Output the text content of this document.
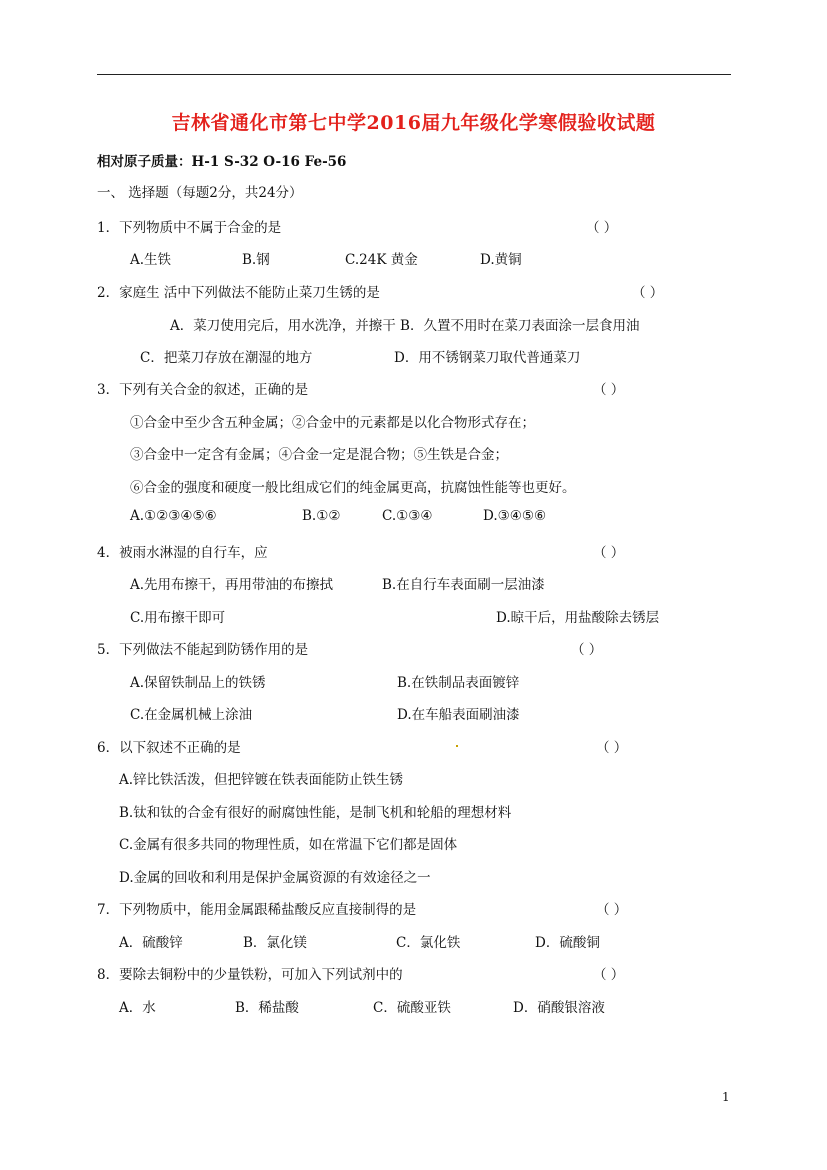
吉林省通化市第七中学2016届九年级化学寒假验收试题
相对原子质量：H-1 S-32 O-16 Fe-56
一、 选择题（每题2分，共24分）
1．下列物质中不属于合金的是	（ ）
A.生铁	B.钢	C.24K 黄金	D.黄铜
2．家庭生 活中下列做法不能防止菜刀生锈的是	（ ）
A．菜刀使用完后，用水洗净，并擦干 B．久置不用时在菜刀表面涂一层食用油
C．把菜刀存放在潮湿的地方	D．用不锈钢菜刀取代普通菜刀
3．下列有关合金的叙述，正确的是	（ ）
①合金中至少含五种金属；②合金中的元素都是以化合物形式存在；
③合金中一定含有金属；④合金一定是混合物；⑤生铁是合金；
⑥合金的强度和硬度一般比组成它们的纯金属更高，抗腐蚀性能等也更好。
A.①②③④⑤⑥	B.①②	C.①③④	D.③④⑤⑥
4．被雨水淋湿的自行车，应	（ ）
A.先用布擦干，再用带油的布擦拭	B.在自行车表面刷一层油漆
C.用布擦干即可	D.晾干后，用盐酸除去锈层
5．下列做法不能起到防锈作用的是	（ ）
A.保留铁制品上的铁锈	B.在铁制品表面镀锌
C.在金属机械上涂油	D.在车船表面刷油漆
6．以下叙述不正确的是	（ ）
A.锌比铁活泼，但把锌镀在铁表面能防止铁生锈
B.钛和钛的合金有很好的耐腐蚀性能，是制飞机和轮船的理想材料
C.金属有很多共同的物理性质，如在常温下它们都是固体
D.金属的回收和利用是保护金属资源的有效途径之一
7．下列物质中，能用金属跟稀盐酸反应直接制得的是	（ ）
A．硫酸锌	B．氯化镁	C．氯化铁	D．硫酸铜
8．要除去铜粉中的少量铁粉，可加入下列试剂中的	（ ）
A．水	B．稀盐酸	C．硫酸亚铁	D．硝酸银溶液
1
